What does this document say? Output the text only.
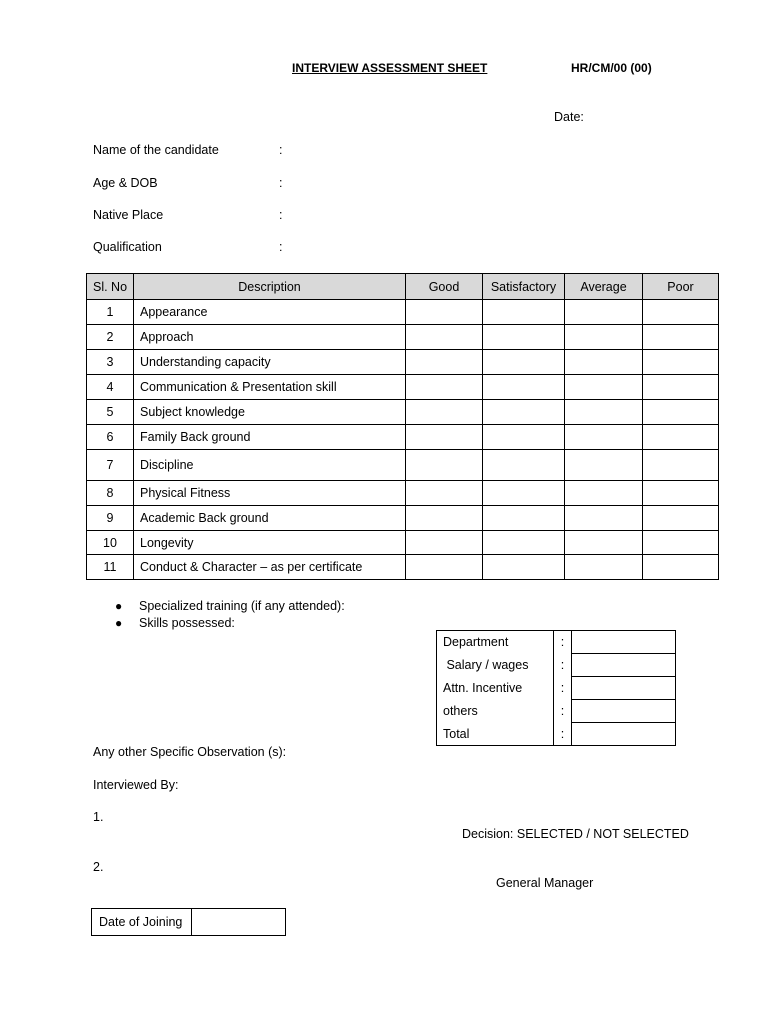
INTERVIEW ASSESSMENT SHEET	HR/CM/00 (00)
Date:
Name of the candidate	:
Age & DOB	:
Native Place	:
Qualification	:
Sl. No	Description	Good	Satisfactory	Average	Poor
1	Appearance				
2	Approach				
3	Understanding capacity				
4	Communication & Presentation skill				
5	Subject knowledge				
6	Family Back ground				
7	Discipline				
8	Physical Fitness				
9	Academic Back ground				
10	Longevity				
11	Conduct & Character – as per certificate				
●	Specialized training (if any attended):
●	Skills possessed:
Department	:	
Salary / wages	:	
Attn. Incentive	:	
others	:	
Total	:	
Any other Specific Observation (s):
Interviewed By:
1.
Decision: SELECTED / NOT SELECTED
2.
General Manager
Date of Joining	
